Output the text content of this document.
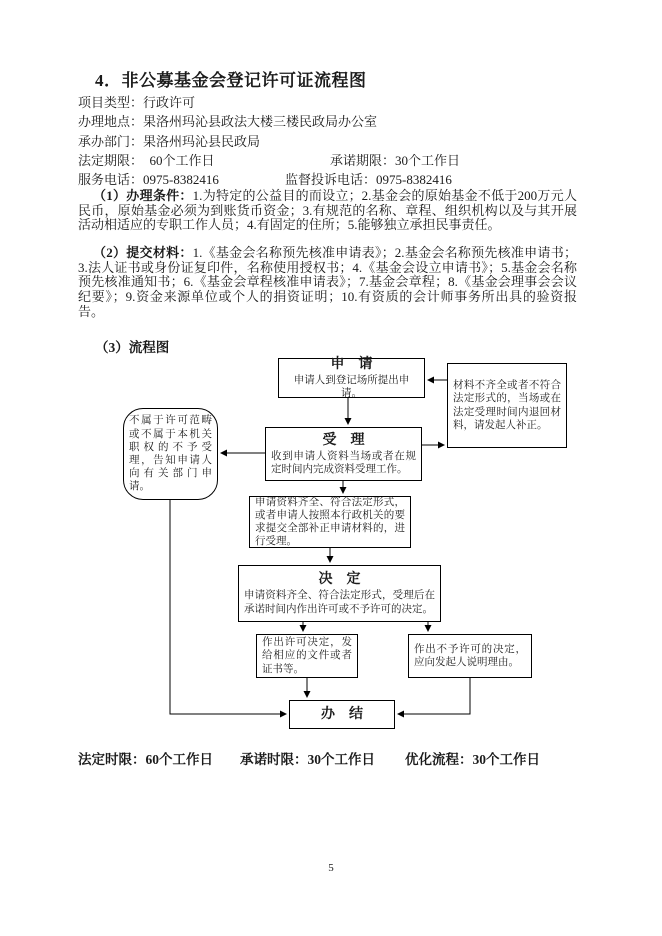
4．非公募基金会登记许可证流程图
项目类型：行政许可
办理地点：果洛州玛沁县政法大楼三楼民政局办公室
承办部门：果洛州玛沁县民政局
法定期限：　60个工作日	承诺期限：30个工作日
服务电话：0975-8382416	监督投诉电话：0975-8382416
（1）办理条件：1.为特定的公益目的而设立；2.基金会的原始基金不低于200万元人民币，原始基金必须为到账货币资金；3.有规范的名称、章程、组织机构以及与其开展活动相适应的专职工作人员；4.有固定的住所；5.能够独立承担民事责任。
（2）提交材料：1.《基金会名称预先核准申请表》；2.基金会名称预先核准申请书；3.法人证书或身份证复印件，名称使用授权书；4.《基金会设立申请书》；5.基金会名称预先核准通知书；6.《基金会章程核准申请表》；7.基金会章程；8.《基金会理事会会议纪要》；9.资金来源单位或个人的捐资证明；10.有资质的会计师事务所出具的验资报告。
（3）流程图
申　请
申请人到登记场所提出申请。
材料不齐全或者不符合法定形式的，当场或在法定受理时间内退回材料，请发起人补正。
不属于许可范畴或不属于本机关职权的不予受理，告知申请人向有关部门申请。
受　理
收到申请人资料当场或者在规定时间内完成资料受理工作。
申请资料齐全、符合法定形式，或者申请人按照本行政机关的要求提交全部补正申请材料的，进行受理。
决　定
申请资料齐全、符合法定形式，受理后在承诺时间内作出许可或不予许可的决定。
作出许可决定，发给相应的文件或者证书等。
作出不予许可的决定，应向发起人说明理由。
办　结
法定时限：60个工作日 承诺时限：30个工作日 优化流程：30个工作日
5
